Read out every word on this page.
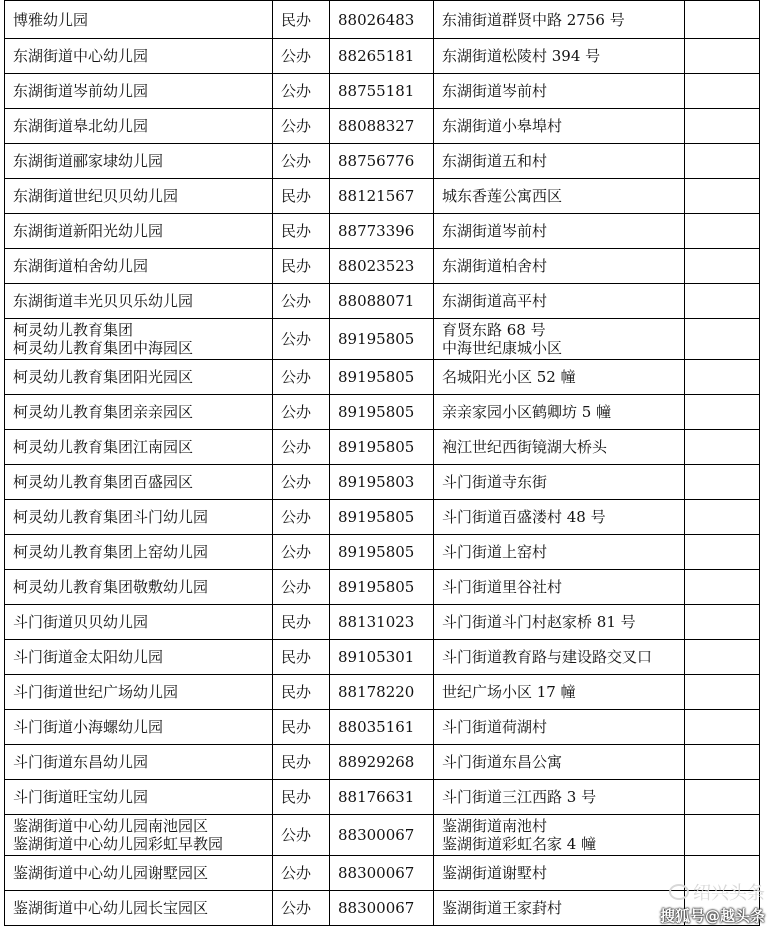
博雅幼儿园	民办	88026483	东浦街道群贤中路 2756 号	

东湖街道中心幼儿园	公办	88265181	东湖街道松陵村 394 号	

东湖街道岑前幼儿园	公办	88755181	东湖街道岑前村	

东湖街道皋北幼儿园	公办	88088327	东湖街道小皋埠村	

东湖街道郦家埭幼儿园	公办	88756776	东湖街道五和村	

东湖街道世纪贝贝幼儿园	民办	88121567	城东香莲公寓西区	

东湖街道新阳光幼儿园	民办	88773396	东湖街道岑前村	

东湖街道柏舍幼儿园	民办	88023523	东湖街道柏舍村	

东湖街道丰光贝贝乐幼儿园	公办	88088071	东湖街道高平村	

柯灵幼儿教育集团
柯灵幼儿教育集团中海园区	公办	89195805	育贤东路 68 号
中海世纪康城小区	

柯灵幼儿教育集团阳光园区	公办	89195805	名城阳光小区 52 幢	

柯灵幼儿教育集团亲亲园区	公办	89195805	亲亲家园小区鹤卿坊 5 幢	

柯灵幼儿教育集团江南园区	公办	89195805	袍江世纪西街镜湖大桥头	

柯灵幼儿教育集团百盛园区	公办	89195803	斗门街道寺东街	

柯灵幼儿教育集团斗门幼儿园	公办	89195805	斗门街道百盛溇村 48 号	

柯灵幼儿教育集团上窑幼儿园	公办	89195805	斗门街道上窑村	

柯灵幼儿教育集团敬敷幼儿园	公办	89195805	斗门街道里谷社村	

斗门街道贝贝幼儿园	民办	88131023	斗门街道斗门村赵家桥 81 号	

斗门街道金太阳幼儿园	民办	89105301	斗门街道教育路与建设路交叉口	

斗门街道世纪广场幼儿园	民办	88178220	世纪广场小区 17 幢	

斗门街道小海螺幼儿园	民办	88035161	斗门街道荷湖村	

斗门街道东昌幼儿园	民办	88929268	斗门街道东昌公寓	

斗门街道旺宝幼儿园	民办	88176631	斗门街道三江西路 3 号	

鉴湖街道中心幼儿园南池园区
鉴湖街道中心幼儿园彩虹早教园	公办	88300067	鉴湖街道南池村
鉴湖街道彩虹名家 4 幢	

鉴湖街道中心幼儿园谢墅园区	公办	88300067	鉴湖街道谢墅村	

鉴湖街道中心幼儿园长宝园区	公办	88300067	鉴湖街道王家葑村	

绍兴头条
搜狐号@越头条
